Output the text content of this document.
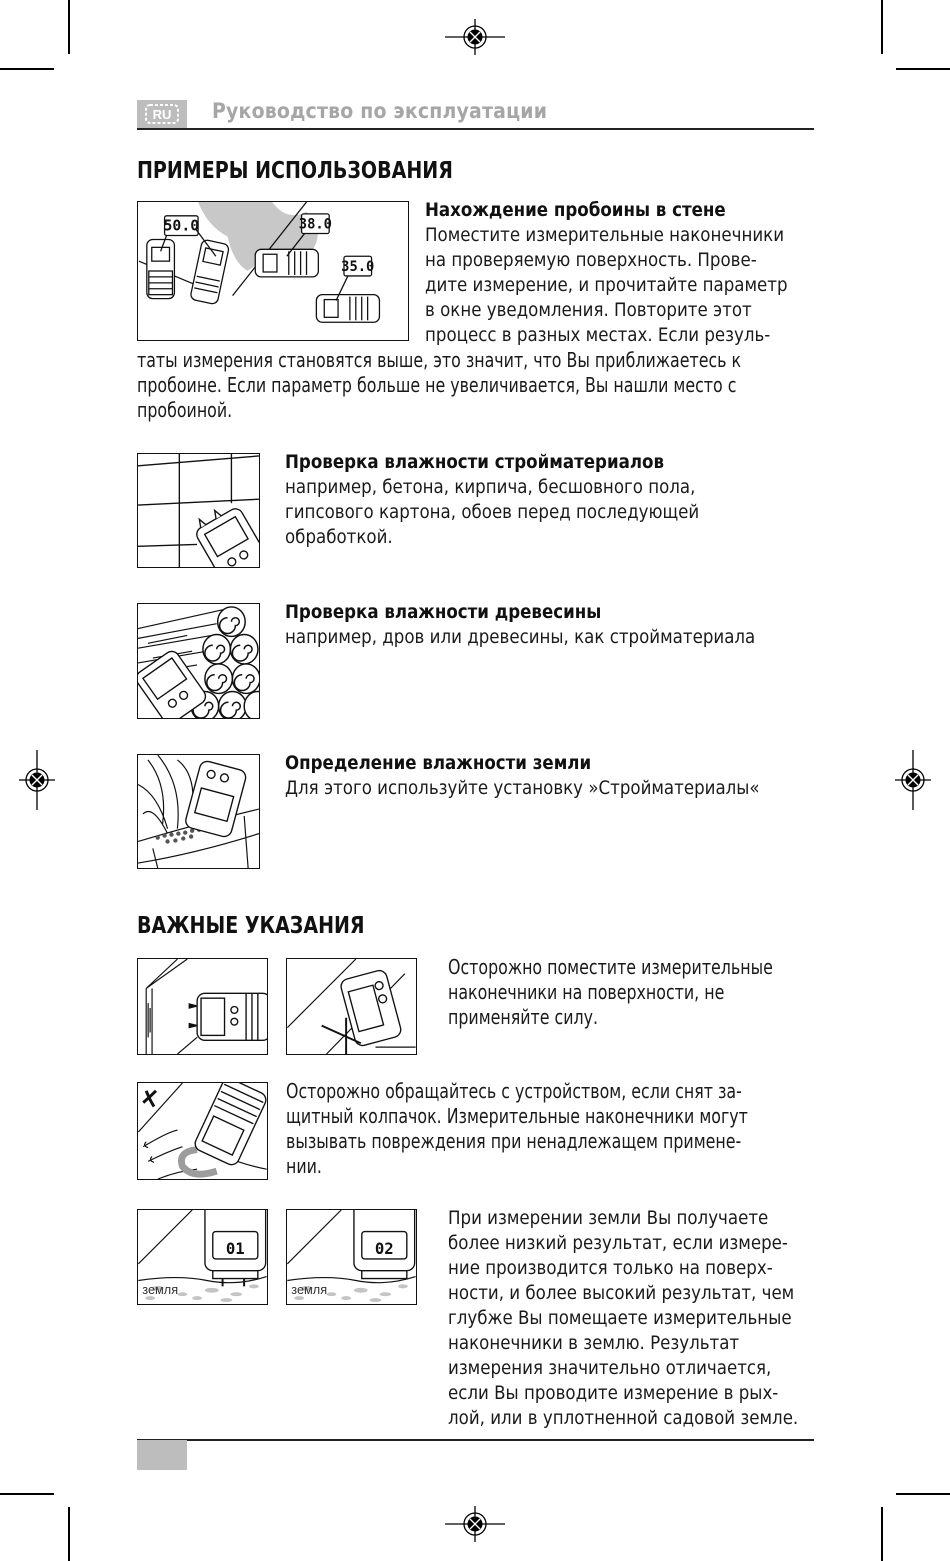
RU Руководство по эксплуатации
ПРИМЕРЫ ИСПОЛЬЗОВАНИЯ
50.0	38.0
35.0
Нахождение пробоины в стене
Поместите измерительные наконечники
на проверяемую поверхность. Прове-
дите измерение, и прочитайте параметр
в окне уведомления. Повторите этот
процесс в разных местах. Если резуль-
таты измерения становятся выше, это значит, что Вы приближаетесь к
пробоине. Если параметр больше не увеличивается, Вы нашли место с
пробоиной.
Проверка влажности стройматериалов
например, бетона, кирпича, бесшовного пола,
гипсового картона, обоев перед последующей
обработкой.
Проверка влажности древесины
например, дров или древесины, как стройматериала
Определение влажности земли
Для этого используйте установку »Стройматериалы«
ВАЖНЫЕ УКАЗАНИЯ
Осторожно поместите измерительные
наконечники на поверхности, не
применяйте силу.
Осторожно обращайтесь с устройством, если снят за-
щитный колпачок. Измерительные наконечники могут
вызывать повреждения при ненадлежащем примене-
нии.
01
земля
02
земля
При измерении земли Вы получаете
более низкий результат, если измере-
ние производится только на поверх-
ности, и более высокий результат, чем
глубже Вы помещаете измерительные
наконечники в землю. Результат
измерения значительно отличается,
если Вы проводите измерение в рых-
лой, или в уплотненной садовой земле.
